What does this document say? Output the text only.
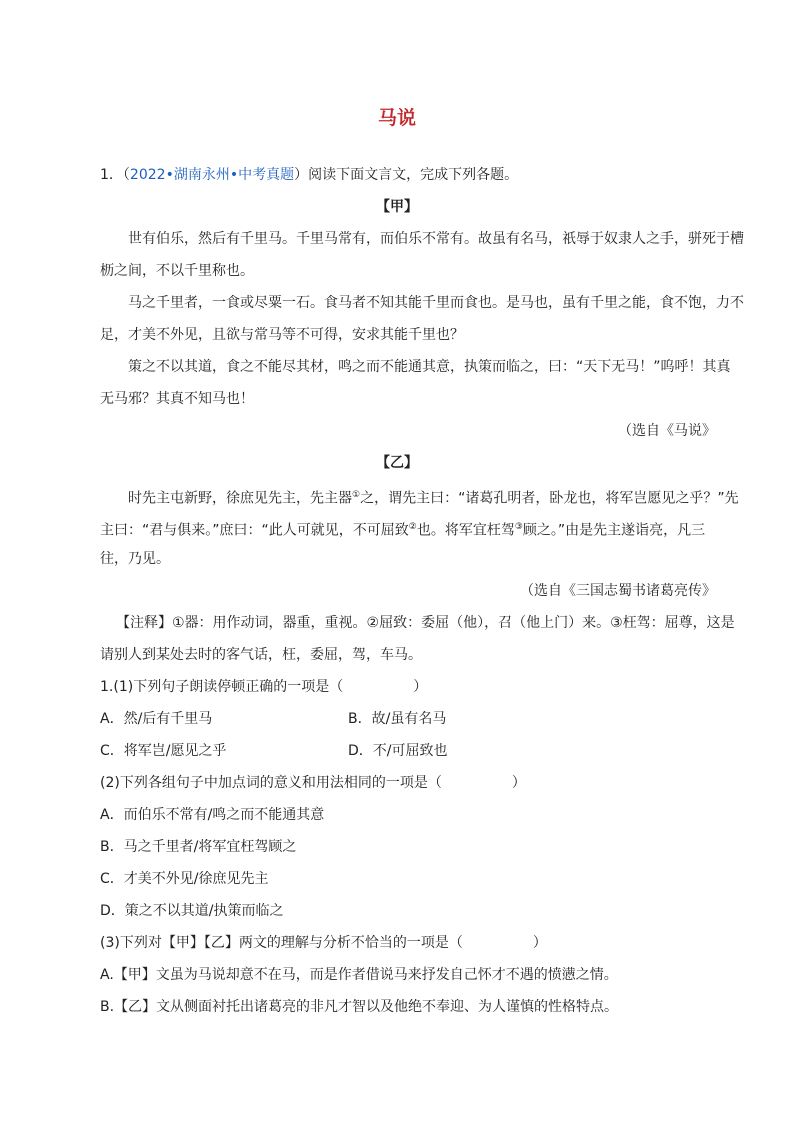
马说
1．（2022•湖南永州•中考真题）阅读下面文言文，完成下列各题。
【甲】
世有伯乐，然后有千里马。千里马常有，而伯乐不常有。故虽有名马，祇辱于奴隶人之手，骈死于槽
枥之间，不以千里称也。
马之千里者，一食或尽粟一石。食马者不知其能千里而食也。是马也，虽有千里之能，食不饱，力不
足，才美不外见，且欲与常马等不可得，安求其能千里也？
策之不以其道，食之不能尽其材，鸣之而不能通其意，执策而临之，曰：“天下无马！”呜呼！其真
无马邪？其真不知马也！
（选自《马说》
【乙】
时先主屯新野，徐庶见先主，先主器①之，谓先主曰：“诸葛孔明者，卧龙也，将军岂愿见之乎？”先
主曰：“君与俱来。”庶曰：“此人可就见，不可屈致②也。将军宜枉驾③顾之。”由是先主遂诣亮，凡三
往，乃见。
（选自《三国志蜀书诸葛亮传》
【注释】①器：用作动词，器重，重视。②屈致：委屈（他），召（他上门）来。③枉驾：屈尊，这是
请别人到某处去时的客气话，枉，委屈，驾，车马。
1.(1)下列句子朗读停顿正确的一项是（	）
A．然/后有千里马	B．故/虽有名马
C．将军岂/愿见之乎	D．不/可屈致也
(2)下列各组句子中加点词的意义和用法相同的一项是（	）
A．而伯乐不常有/鸣之而不能通其意
B．马之千里者/将军宜枉驾顾之
C．才美不外见/徐庶见先主
D．策之不以其道/执策而临之
(3)下列对【甲】【乙】两文的理解与分析不恰当的一项是（	）
A.【甲】文虽为马说却意不在马，而是作者借说马来抒发自己怀才不遇的愤懑之情。
B.【乙】文从侧面衬托出诸葛亮的非凡才智以及他绝不奉迎、为人谨慎的性格特点。
